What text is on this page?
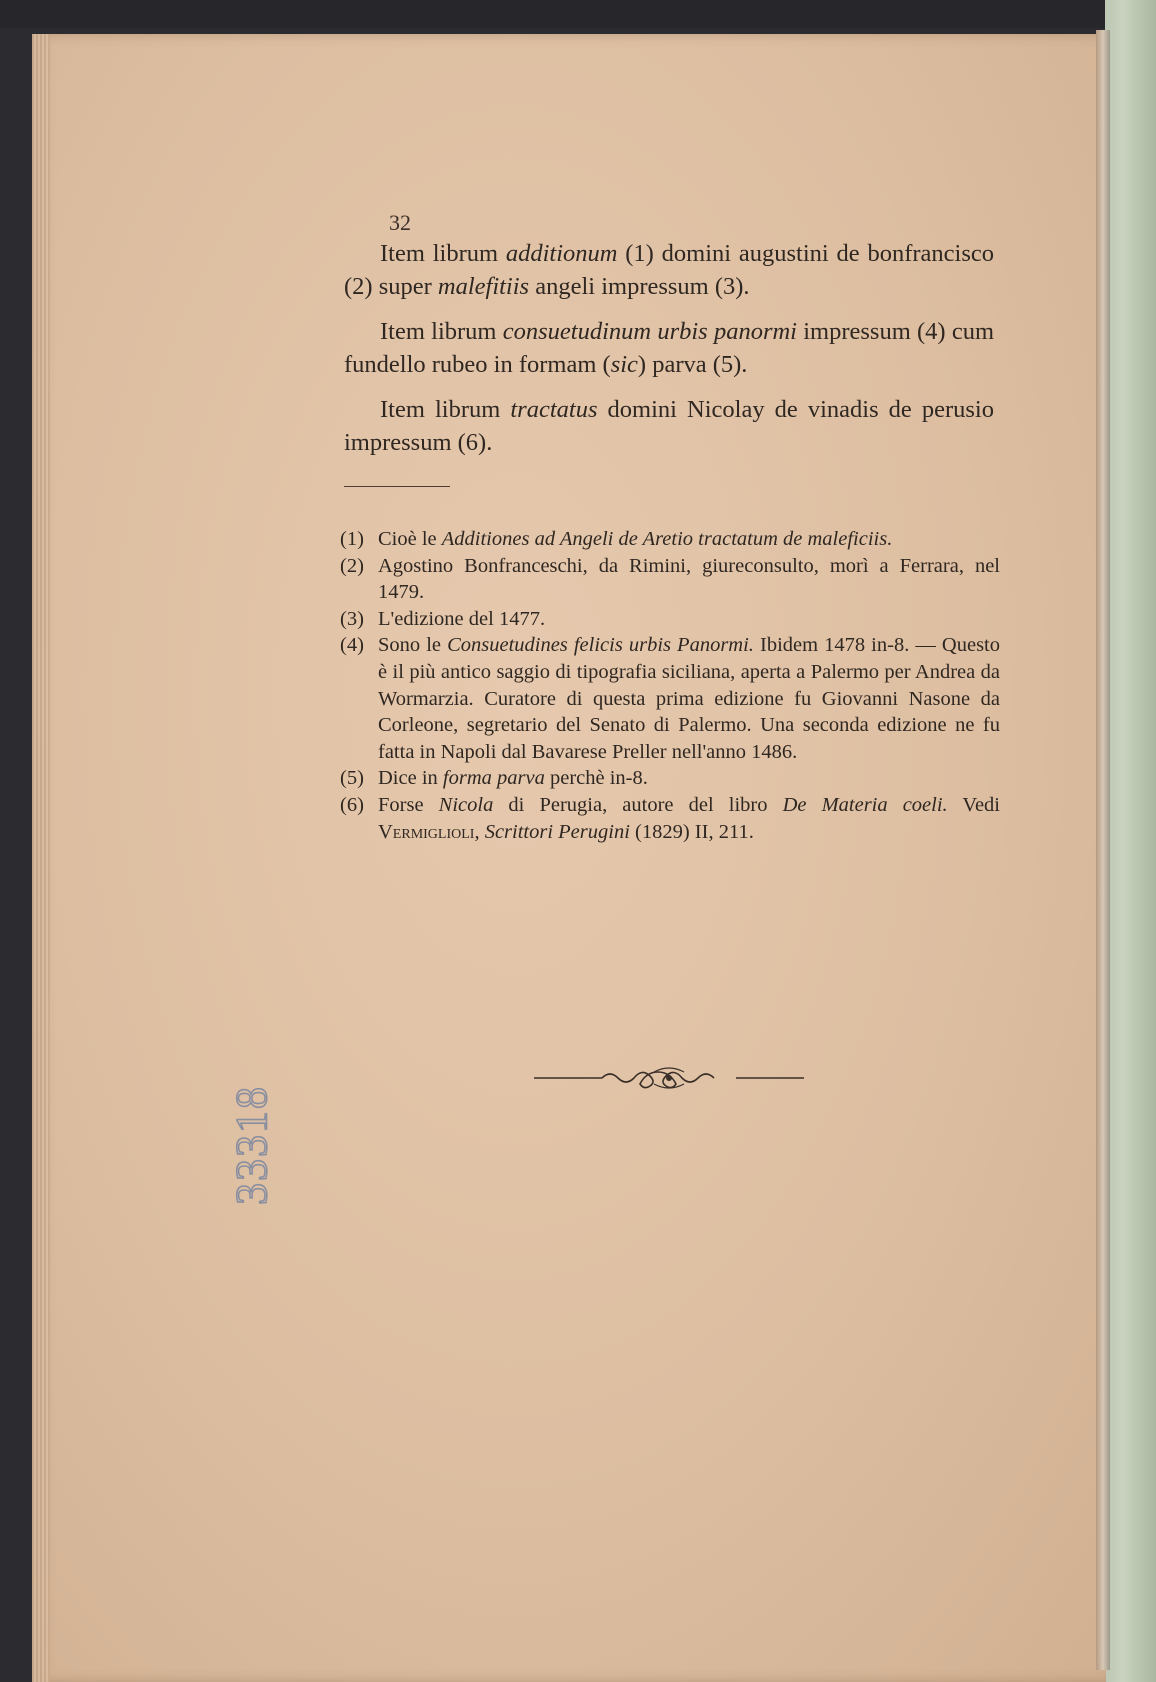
32

Item librum additionum (1) domini augustini de bonfrancisco (2) super malefitiis angeli impressum (3).

Item librum consuetudinum urbis panormi impressum (4) cum fundello rubeo in formam (sic) parva (5).

Item librum tractatus domini Nicolay de vinadis de perusio impressum (6).

(1) Cioè le Additiones ad Angeli de Aretio tractatum de maleficiis.
(2) Agostino Bonfranceschi, da Rimini, giureconsulto, morì a Ferrara, nel 1479.
(3) L'edizione del 1477.
(4) Sono le Consuetudines felicis urbis Panormi. Ibidem 1478 in-8. — Questo è il più antico saggio di tipografia siciliana, aperta a Palermo per Andrea da Wormarzia. Curatore di questa prima edizione fu Giovanni Nasone da Corleone, segretario del Senato di Palermo. Una seconda edizione ne fu fatta in Napoli dal Bavarese Preller nell'anno 1486.
(5) Dice in forma parva perchè in-8.
(6) Forse Nicola di Perugia, autore del libro De Materia coeli. Vedi Vermiglioli, Scrittori Perugini (1829) II, 211.
33318
